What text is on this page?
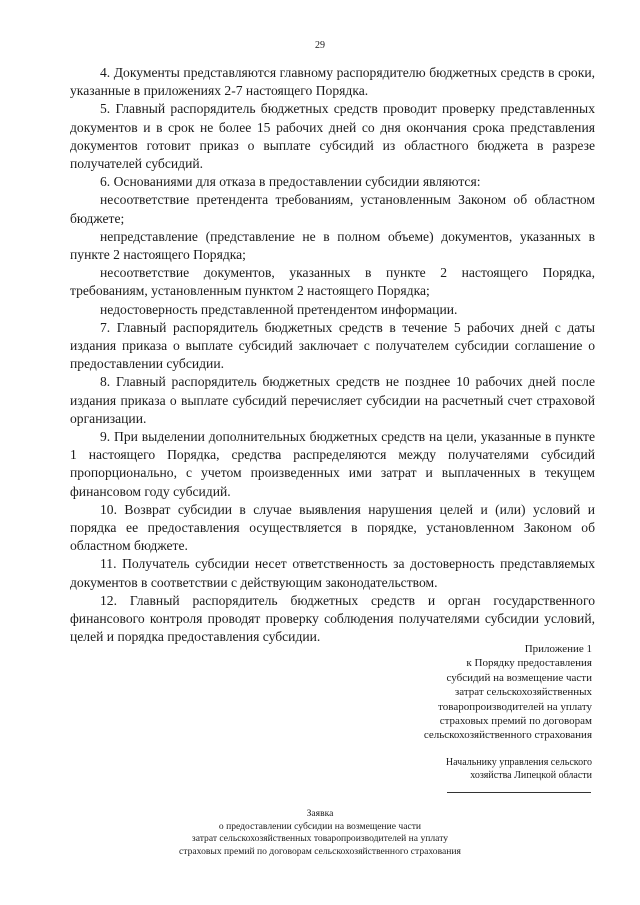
29

4. Документы представляются главному распорядителю бюджетных средств в сроки, указанные в приложениях 2-7 настоящего Порядка.

5. Главный распорядитель бюджетных средств проводит проверку представленных документов и в срок не более 15 рабочих дней со дня окончания срока представления документов готовит приказ о выплате субсидий из областного бюджета в разрезе получателей субсидий.

6. Основаниями для отказа в предоставлении субсидии являются:

несоответствие претендента требованиям, установленным Законом об областном бюджете;

непредставление (представление не в полном объеме) документов, указанных в пункте 2 настоящего Порядка;

несоответствие документов, указанных в пункте 2 настоящего Порядка, требованиям, установленным пунктом 2 настоящего Порядка;

недостоверность представленной претендентом информации.

7. Главный распорядитель бюджетных средств в течение 5 рабочих дней с даты издания приказа о выплате субсидий заключает с получателем субсидии соглашение о предоставлении субсидии.

8. Главный распорядитель бюджетных средств не позднее 10 рабочих дней после издания приказа о выплате субсидий перечисляет субсидии на расчетный счет страховой организации.

9. При выделении дополнительных бюджетных средств на цели, указанные в пункте 1 настоящего Порядка, средства распределяются между получателями субсидий пропорционально, с учетом произведенных ими затрат и выплаченных в текущем финансовом году субсидий.

10. Возврат субсидии в случае выявления нарушения целей и (или) условий и порядка ее предоставления осуществляется в порядке, установленном Законом об областном бюджете.

11. Получатель субсидии несет ответственность за достоверность представляемых документов в соответствии с действующим законодательством.

12. Главный распорядитель бюджетных средств и орган государственного финансового контроля проводят проверку соблюдения получателями субсидии условий, целей и порядка предоставления субсидии.

Приложение 1
к Порядку предоставления
субсидий на возмещение части
затрат сельскохозяйственных
товаропроизводителей на уплату
страховых премий по договорам
сельскохозяйственного страхования
Начальнику управления сельского
хозяйства Липецкой области
Заявка
о предоставлении субсидии на возмещение части
затрат сельскохозяйственных товаропроизводителей на уплату
страховых премий по договорам сельскохозяйственного страхования
